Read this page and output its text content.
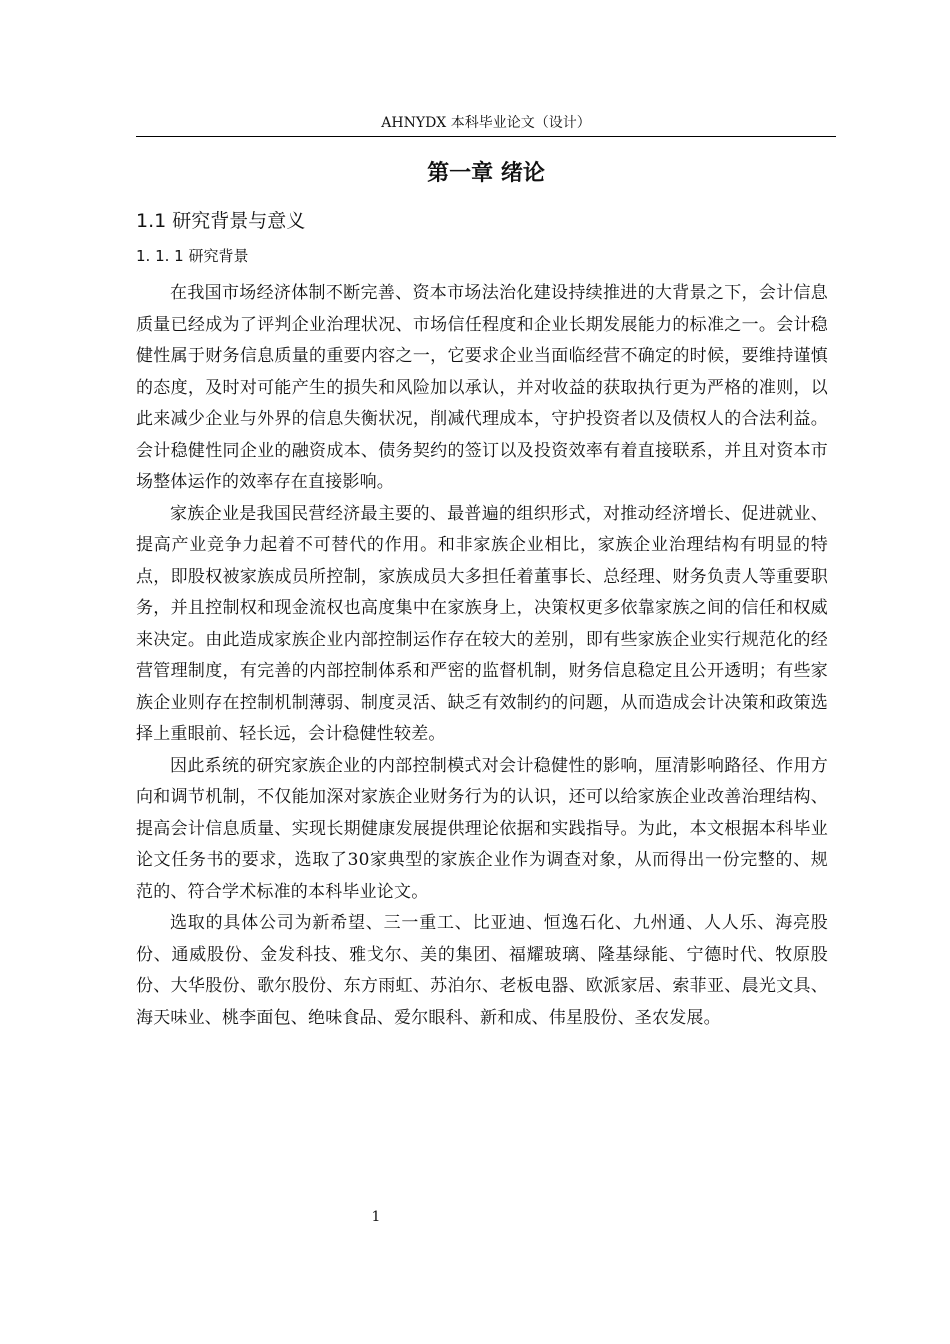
AHNYDX 本科毕业论文（设计）
第一章 绪论
1.1 研究背景与意义
1. 1. 1 研究背景

在我国市场经济体制不断完善、资本市场法治化建设持续推进的大背景之下，会计信息质量已经成为了评判企业治理状况、市场信任程度和企业长期发展能力的标准之一。会计稳健性属于财务信息质量的重要内容之一，它要求企业当面临经营不确定的时候，要维持谨慎的态度，及时对可能产生的损失和风险加以承认，并对收益的获取执行更为严格的准则，以此来减少企业与外界的信息失衡状况，削减代理成本，守护投资者以及债权人的合法利益。会计稳健性同企业的融资成本、债务契约的签订以及投资效率有着直接联系，并且对资本市场整体运作的效率存在直接影响。

家族企业是我国民营经济最主要的、最普遍的组织形式，对推动经济增长、促进就业、提高产业竞争力起着不可替代的作用。和非家族企业相比，家族企业治理结构有明显的特点，即股权被家族成员所控制，家族成员大多担任着董事长、总经理、财务负责人等重要职务，并且控制权和现金流权也高度集中在家族身上，决策权更多依靠家族之间的信任和权威来决定。由此造成家族企业内部控制运作存在较大的差别，即有些家族企业实行规范化的经营管理制度，有完善的内部控制体系和严密的监督机制，财务信息稳定且公开透明；有些家族企业则存在控制机制薄弱、制度灵活、缺乏有效制约的问题，从而造成会计决策和政策选择上重眼前、轻长远，会计稳健性较差。

因此系统的研究家族企业的内部控制模式对会计稳健性的影响，厘清影响路径、作用方向和调节机制，不仅能加深对家族企业财务行为的认识，还可以给家族企业改善治理结构、提高会计信息质量、实现长期健康发展提供理论依据和实践指导。为此，本文根据本科毕业论文任务书的要求，选取了30家典型的家族企业作为调查对象，从而得出一份完整的、规范的、符合学术标准的本科毕业论文。

选取的具体公司为新希望、三一重工、比亚迪、恒逸石化、九州通、人人乐、海亮股份、通威股份、金发科技、雅戈尔、美的集团、福耀玻璃、隆基绿能、宁德时代、牧原股份、大华股份、歌尔股份、东方雨虹、苏泊尔、老板电器、欧派家居、索菲亚、晨光文具、海天味业、桃李面包、绝味食品、爱尔眼科、新和成、伟星股份、圣农发展。

1
